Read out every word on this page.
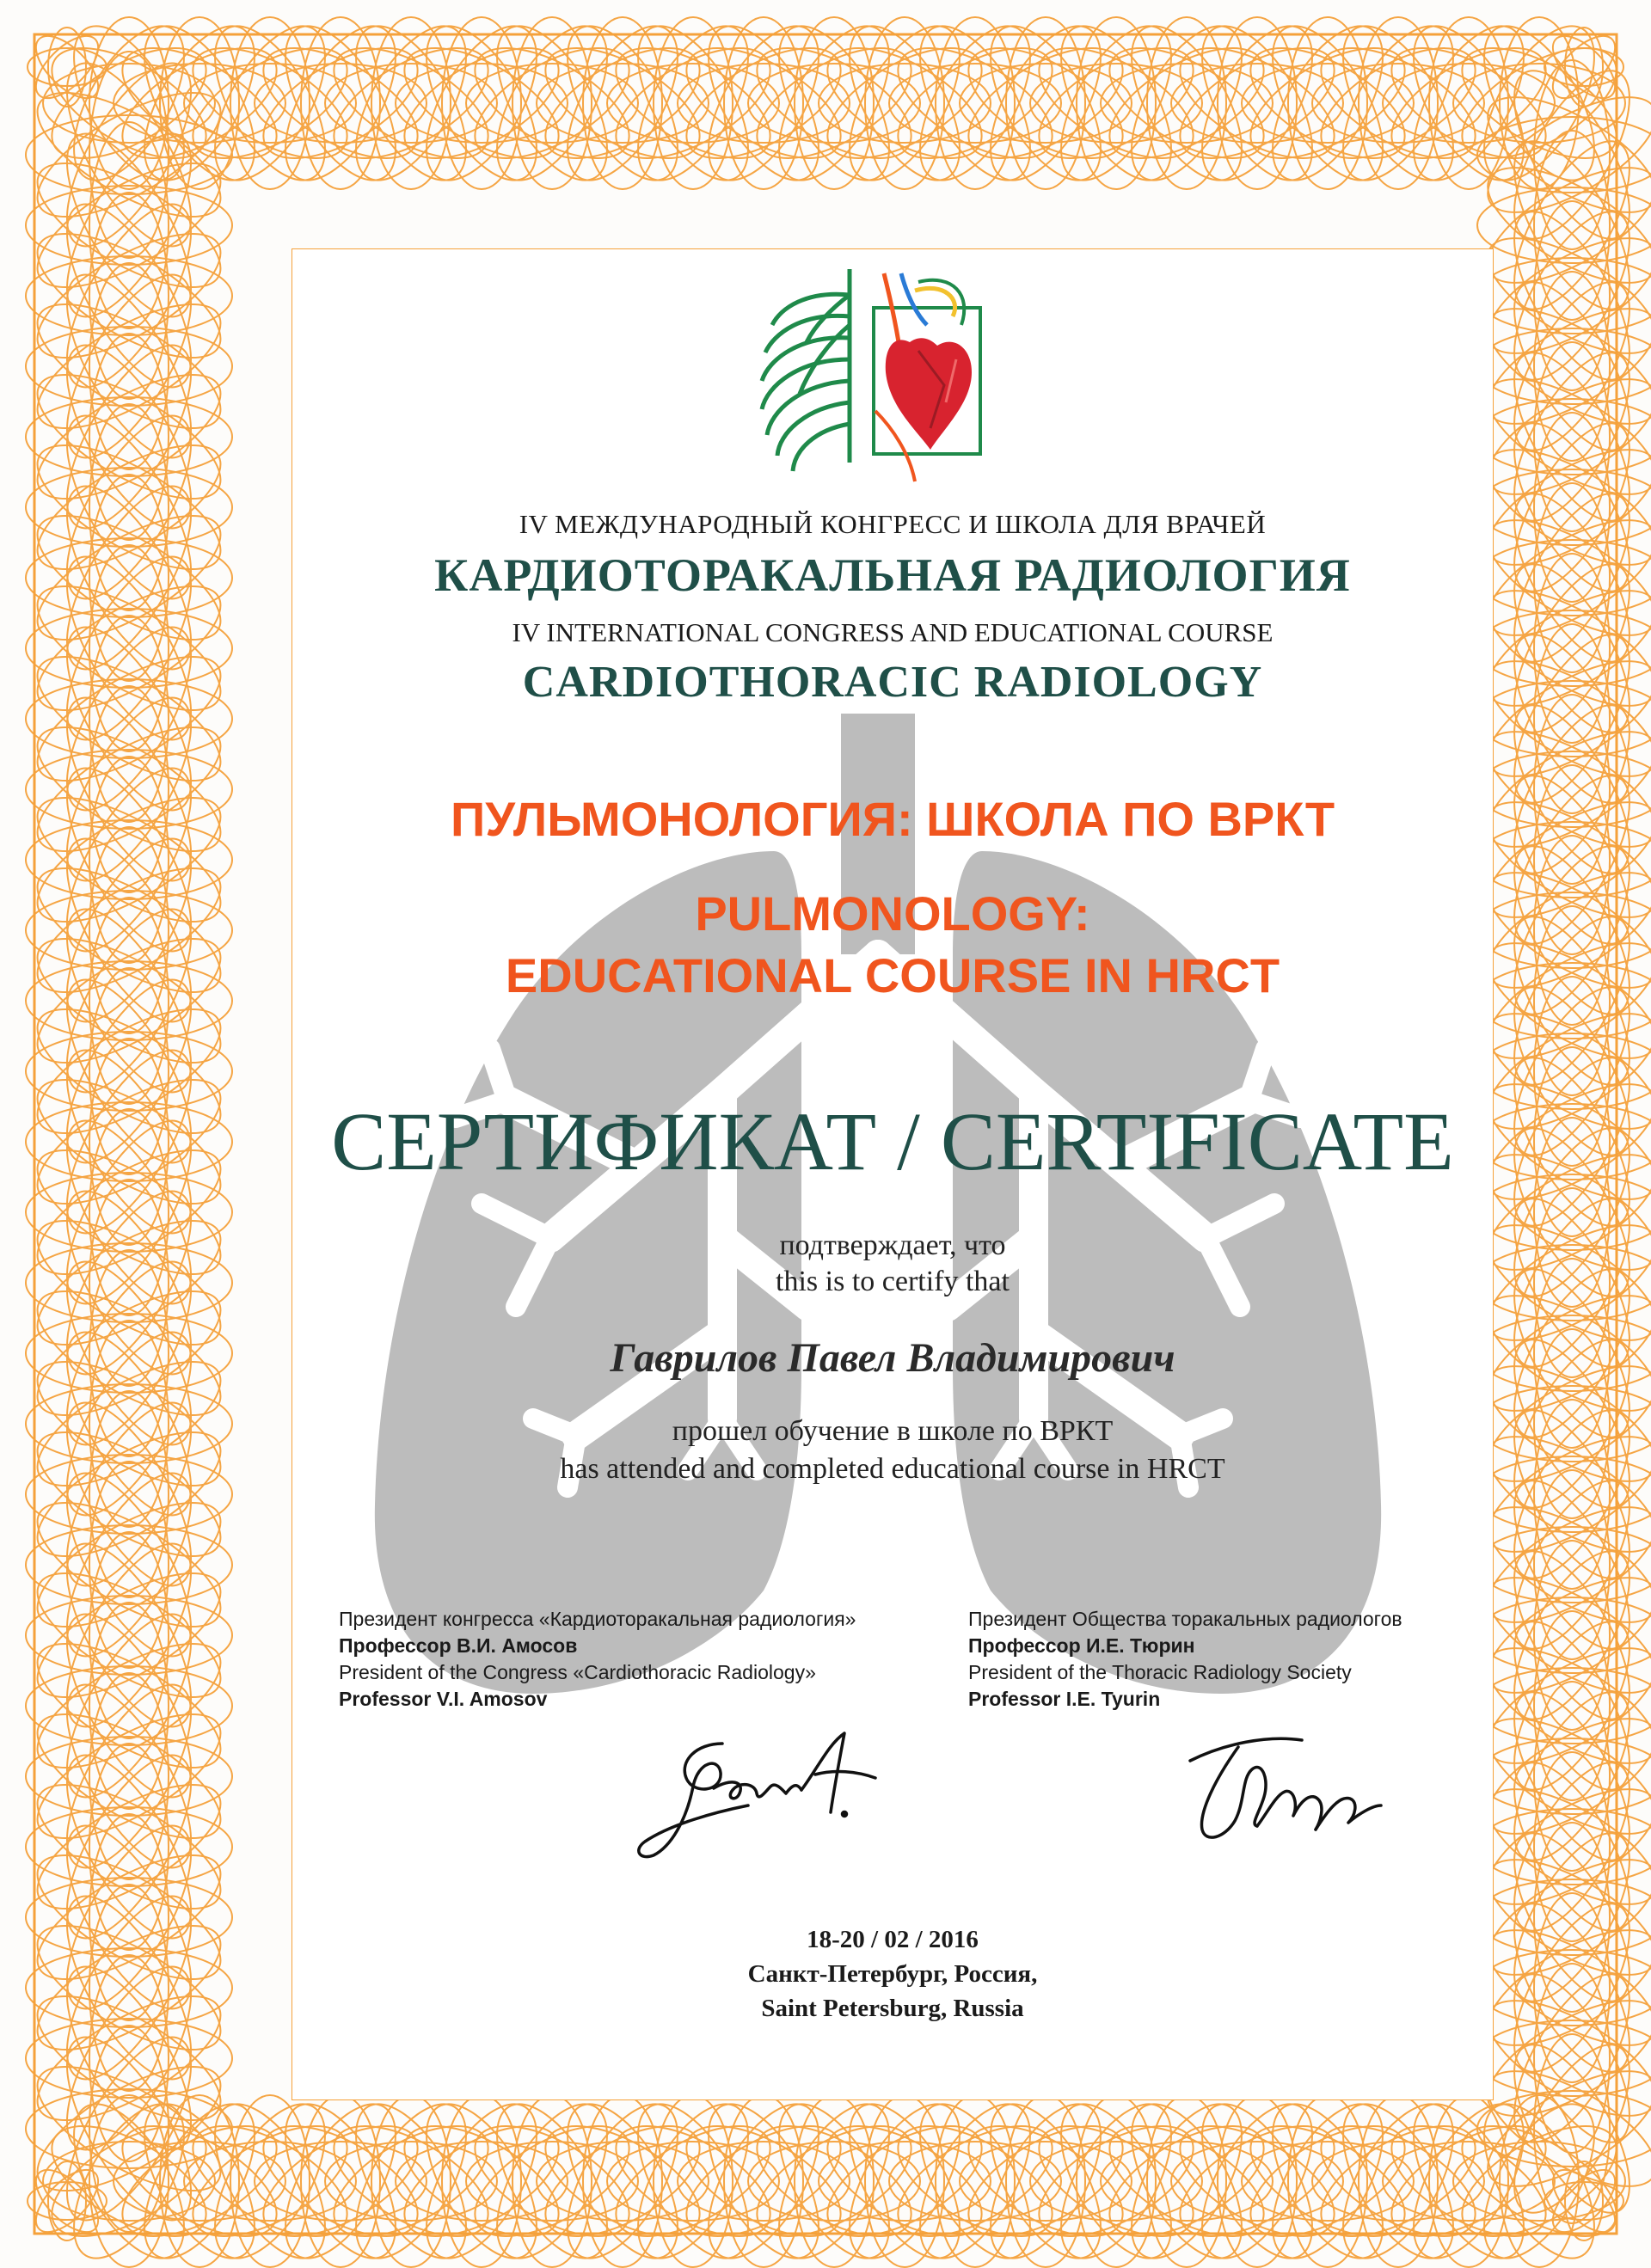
IV МЕЖДУНАРОДНЫЙ КОНГРЕСС И ШКОЛА ДЛЯ ВРАЧЕЙ

КАРДИОТОРАКАЛЬНАЯ РАДИОЛОГИЯ

IV INTERNATIONAL CONGRESS AND EDUCATIONAL COURSE

CARDIOTHORACIC RADIOLOGY

ПУЛЬМОНОЛОГИЯ: ШКОЛА ПО ВРКТ

PULMONOLOGY:

EDUCATIONAL COURSE IN HRCT

СЕРТИФИКАТ / CERTIFICATE

подтверждает, что

this is to certify that

Гаврилов Павел Владимирович

прошел обучение в школе по ВРКТ

has attended and completed educational course in HRCT

Президент конгресса «Кардиоторакальная радиология»
Профессор В.И. Амосов
President of the Congress «Cardiothoracic Radiology»
Professor V.I. Amosov
Президент Общества торакальных радиологов
Профессор И.Е. Тюрин
President of the Thoracic Radiology Society
Professor I.E. Tyurin

18-20 / 02 / 2016

Санкт-Петербург, Россия,

Saint Petersburg, Russia
